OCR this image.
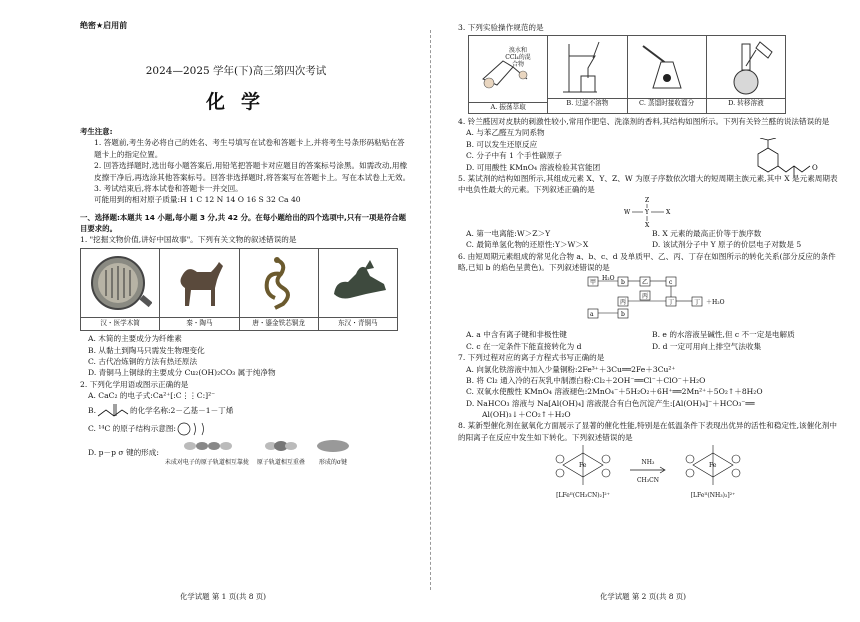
绝密★启用前
2024—2025 学年(下)高三第四次考试
化学
考生注意:

1. 答题前,考生务必将自己的姓名、考生号填写在试卷和答题卡上,并将考生号条形码粘贴在答题卡上的指定位置。

2. 回答选择题时,选出每小题答案后,用铅笔把答题卡对应题目的答案标号涂黑。如需改动,用橡皮擦干净后,再选涂其他答案标号。回答非选择题时,将答案写在答题卡上。写在本试卷上无效。

3. 考试结束后,将本试卷和答题卡一并交回。

可能用到的相对原子质量:H 1 C 12 N 14 O 16 S 32 Ca 40

一、选择题:本题共 14 小题,每小题 3 分,共 42 分。在每小题给出的四个选项中,只有一项是符合题目要求的。
1. "挖掘文物价值,讲好中国故事"。下列有关文物的叙述错误的是
汉・医学木简	秦・陶马	唐・鎏金铁芯铜龙	东汉・青铜马
A. 木简的主要成分为纤维素
B. 从黏土到陶马只需发生物理变化
C. 古代冶炼铜的方法有热还原法
D. 青铜马上铜绿的主要成分 Cu₂(OH)₂CO₃ 属于纯净物
2. 下列化学用语或图示正确的是
A. CaC₂ 的电子式:Ca²⁺[:C⋮⋮C:]²⁻
B.	的化学名称:2－乙基－1－丁烯
C. ¹⁴C 的原子结构示意图:
D. p－p σ 键的形成:
未成对电子的原子轨道相互靠拢 原子轨道相互重叠	形成的σ键
化学试题 第 1 页(共 8 页)
3. 下列实验操作规范的是
溴水和CCl₄的混合物
A. 振荡萃取	B. 过滤不溶物	C. 蒸馏时接收馏分	D. 转移溶液
4. 铃兰醛因对皮肤的刺激性较小,常用作肥皂、洗涤剂的香料,其结构如图所示。下列有关铃兰醛的说法错误的是
A. 与苯乙醛互为同系物
B. 可以发生还原反应
C. 分子中有 1 个手性碳原子
D. 可用酸性 KMnO₄ 溶液检验其官能团	O
5. 某试剂的结构如图所示,其组成元素 X、Y、Z、W 为原子序数依次增大的短周期主族元素,其中 X 是元素周期表中电负性最大的元素。下列叙述正确的是
Z
Y
X
W	X
A. 第一电离能:W＞Z＞Y	B. X 元素的最高正价等于族序数
C. 最简单氢化物的还原性:Y＞W＞X	D. 该试剂分子中 Y 原子的价层电子对数是 5
6. 由短周期元素组成的常见化合物 a、b、c、d 及单质甲、乙、丙、丁存在如图所示的转化关系(部分反应的条件略,已知 b 的焰色呈黄色)。下列叙述错误的是
甲
a
b
丙
b
乙
丙
c
丁	丁 ＋H₂O
H₂O
A. a 中含有离子键和非极性键	B. e 的水溶液呈碱性,但 c 不一定是电解质
C. c 在一定条件下能直接转化为 d	D. d 一定可用向上排空气法收集
7. 下列过程对应的离子方程式书写正确的是
A. 向氯化铁溶液中加入少量铜粉:2Fe³⁺＋3Cu══2Fe＋3Cu²⁺
B. 将 Cl₂ 通入冷的石灰乳中制漂白粉:Cl₂＋2OH⁻══Cl⁻＋ClO⁻＋H₂O
C. 双氧水使酸性 KMnO₄ 溶液褪色:2MnO₄⁻＋5H₂O₂＋6H⁺══2Mn²⁺＋5O₂↑＋8H₂O
D. NaHCO₃ 溶液与 Na[Al(OH)₄] 溶液混合有白色沉淀产生:[Al(OH)₄]⁻＋HCO₃⁻══
Al(OH)₃↓＋CO₂↑＋H₂O
8. 某新型催化剂在氨氧化方面展示了显著的催化性能,特别是在低温条件下表现出优异的活性和稳定性,该催化剂中的阳离子在反应中发生如下转化。下列叙述错误的是
Fe
[LFeᴵᴵ(CH₃CN)₂]²⁺
NH₃
CH₃CN
Fe
[LFeᴵᴵ(NH₃)₂]²⁺
化学试题 第 2 页(共 8 页)
